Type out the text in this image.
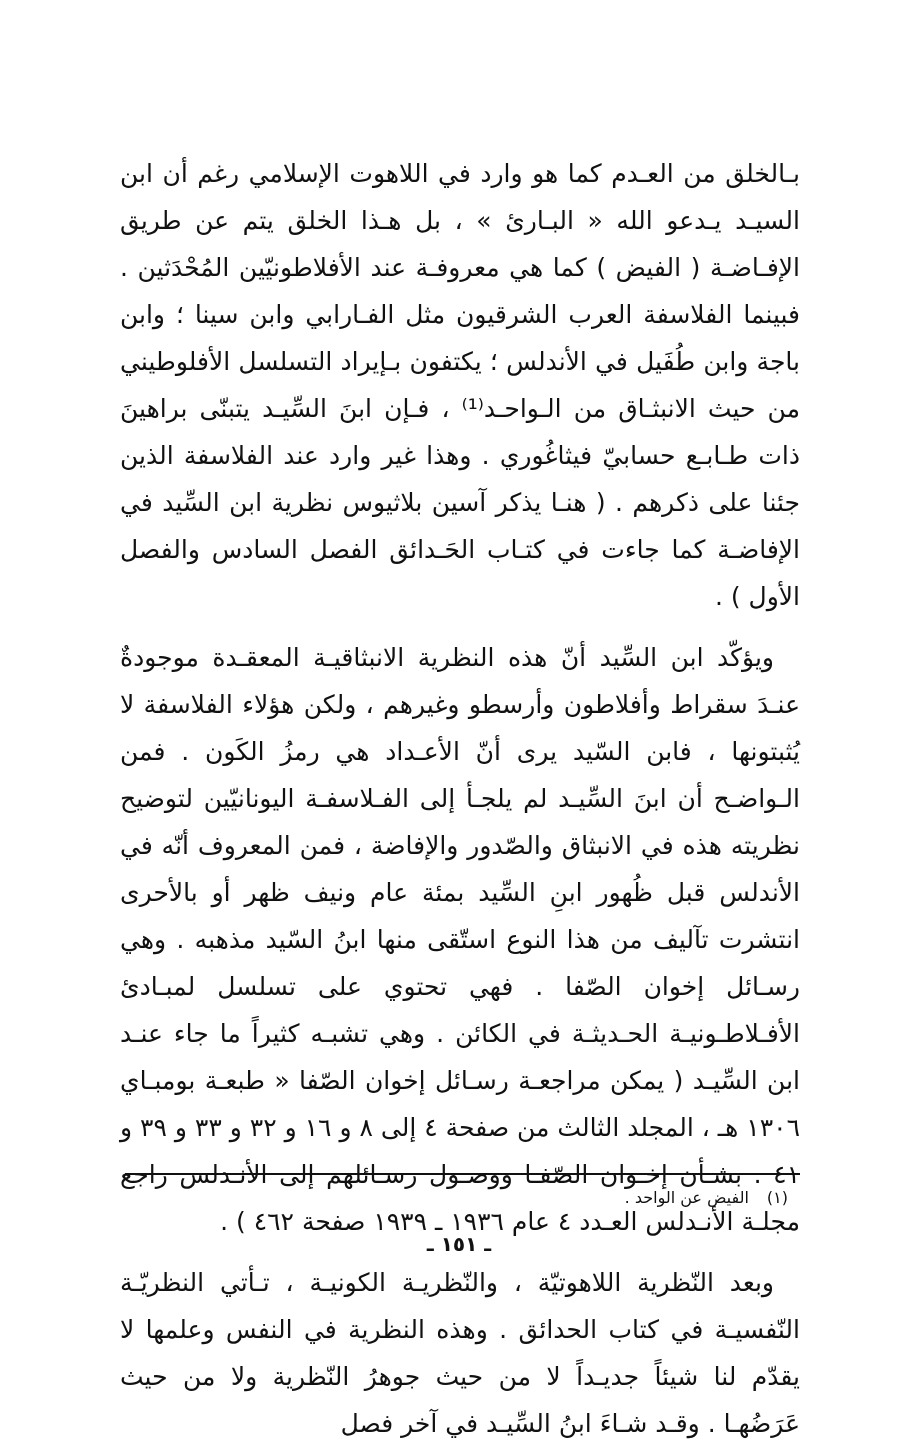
بـالخلق من العـدم كما هو وارد في اللاهوت الإسلامي رغم أن ابن السيـد يـدعو الله « البـارئ » ، بل هـذا الخلق يتم عن طريق الإفـاضـة ( الفيض ) كما هي معروفـة عند الأفلاطونيّين المُحْدَثين . فبينما الفلاسفة العرب الشرقيون مثل الفـارابي وابن سينا ؛ وابن باجة وابن طُفَيل في الأندلس ؛ يكتفون بـإيراد التسلسل الأفلوطيني من حيث الانبثـاق من الـواحـد⁽¹⁾ ، فـإن ابنَ السِّيـد يتبنّى براهينَ ذات طـابـع حسابيّ فيثاغُوري . وهذا غير وارد عند الفلاسفة الذين جئنا على ذكرهم . ( هنـا يذكر آسين بلاثيوس نظرية ابن السِّيد في الإفاضـة كما جاءت في كتـاب الحَـدائق الفصل السادس والفصل الأول ) .

ويؤكّد ابن السِّيد أنّ هذه النظرية الانبثاقيـة المعقـدة موجودةٌ عنـدَ سقراط وأفلاطون وأرسطو وغيرهم ، ولكن هؤلاء الفلاسفة لا يُثبتونها ، فابن السّيد يرى أنّ الأعـداد هي رمزُ الكَون . فمن الـواضـح أن ابنَ السِّيـد لم يلجـأ إلى الفـلاسفـة اليونانيّين لتوضيح نظريته هذه في الانبثاق والصّدور والإفاضة ، فمن المعروف أنّه في الأندلس قبل ظُهور ابنِ السِّيد بمئة عام ونيف ظهر أو بالأحرى انتشرت تآليف من هذا النوع استّقى منها ابنُ السّيد مذهبه . وهي رسـائل إخوان الصّفا . فهي تحتوي على تسلسل لمبـادئ الأفـلاطـونيـة الحـديثـة في الكائن . وهي تشبـه كثيراً ما جاء عنـد ابن السِّيـد ( يمكن مراجعـة رسـائل إخوان الصّفا « طبعـة بومبـاي ١٣٠٦ هـ ، المجلد الثالث من صفحة ٤ إلى ٨ و ١٦ و ٣٢ و ٣٣ و ٣٩ و ٤١ . بشـأن إخـوان الصّفـا ووصـول رسـائلهم إلى الأنـدلس راجع مجلـة الأنـدلس العـدد ٤ عام ١٩٣٦ ـ ١٩٣٩ صفحة ٤٦٢ ) .

وبعد النّظرية اللاهوتيّة ، والنّظريـة الكونيـة ، تـأتي النظريّـة النّفسيـة في كتاب الحدائق . وهذه النظرية في النفس وعلمها لا يقدّم لنا شيئاً جديـداً لا من حيث جوهرُ النّظرية ولا من حيث عَرَضُهـا . وقـد شـاءَ ابنُ السِّيـد في آخر فصل

(١)
الفيض عن الواحد .
ـ ١٥١ ـ
